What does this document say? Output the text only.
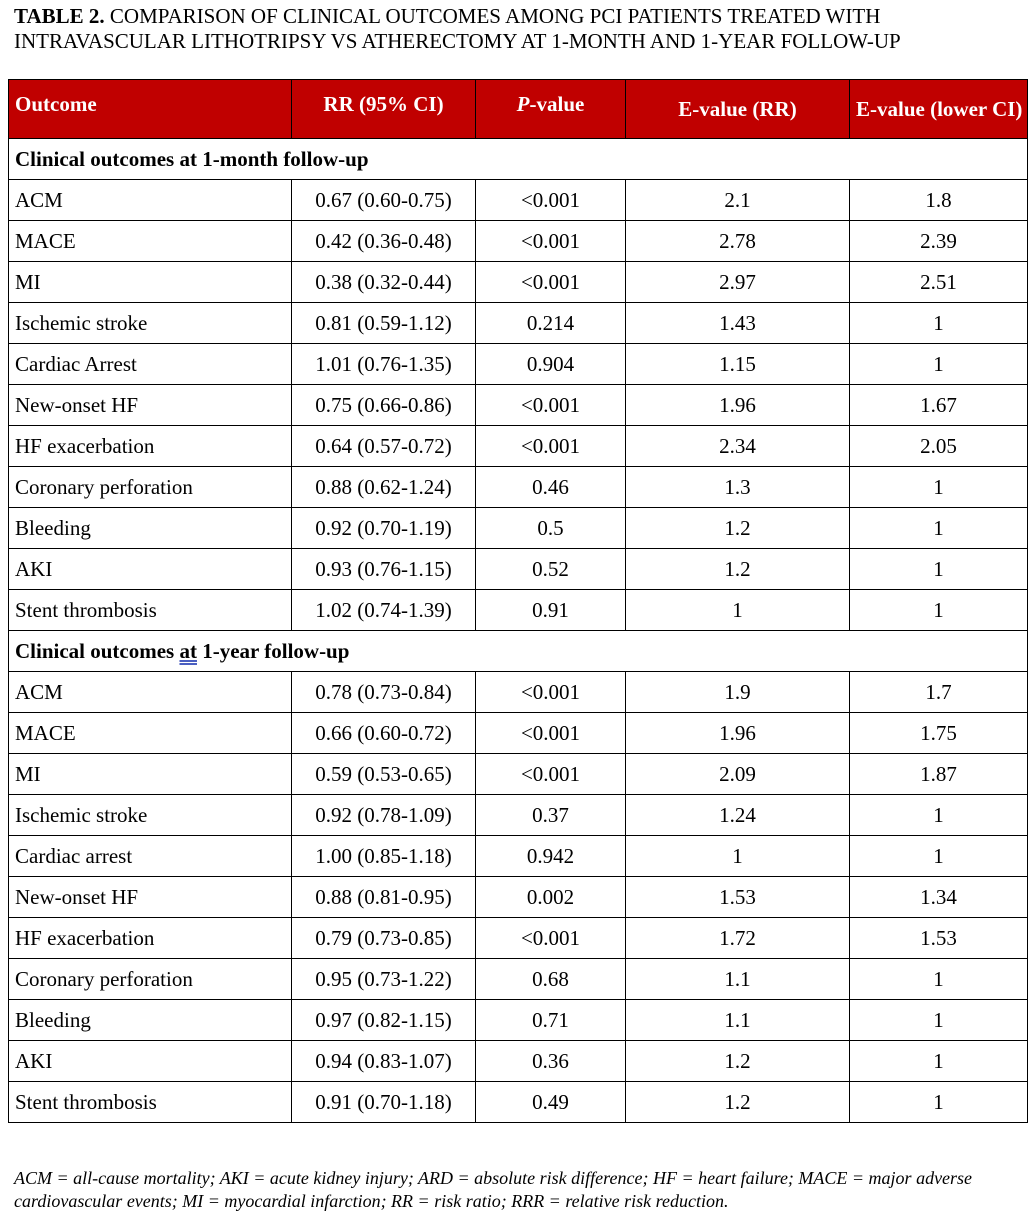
TABLE 2. COMPARISON OF CLINICAL OUTCOMES AMONG PCI PATIENTS TREATED WITH INTRAVASCULAR LITHOTRIPSY VS ATHERECTOMY AT 1-MONTH AND 1-YEAR FOLLOW-UP

Outcome	RR (95% CI)	P-value	E-value (RR)	E-value (lower CI)
Clinical outcomes at 1-month follow-up				
ACM	0.67 (0.60-0.75)	<0.001	2.1	1.8
MACE	0.42 (0.36-0.48)	<0.001	2.78	2.39
MI	0.38 (0.32-0.44)	<0.001	2.97	2.51
Ischemic stroke	0.81 (0.59-1.12)	0.214	1.43	1
Cardiac Arrest	1.01 (0.76-1.35)	0.904	1.15	1
New-onset HF	0.75 (0.66-0.86)	<0.001	1.96	1.67
HF exacerbation	0.64 (0.57-0.72)	<0.001	2.34	2.05
Coronary perforation	0.88 (0.62-1.24)	0.46	1.3	1
Bleeding	0.92 (0.70-1.19)	0.5	1.2	1
AKI	0.93 (0.76-1.15)	0.52	1.2	1
Stent thrombosis	1.02 (0.74-1.39)	0.91	1	1
Clinical outcomes at 1-year follow-up				
ACM	0.78 (0.73-0.84)	<0.001	1.9	1.7
MACE	0.66 (0.60-0.72)	<0.001	1.96	1.75
MI	0.59 (0.53-0.65)	<0.001	2.09	1.87
Ischemic stroke	0.92 (0.78-1.09)	0.37	1.24	1
Cardiac arrest	1.00 (0.85-1.18)	0.942	1	1
New-onset HF	0.88 (0.81-0.95)	0.002	1.53	1.34
HF exacerbation	0.79 (0.73-0.85)	<0.001	1.72	1.53
Coronary perforation	0.95 (0.73-1.22)	0.68	1.1	1
Bleeding	0.97 (0.82-1.15)	0.71	1.1	1
AKI	0.94 (0.83-1.07)	0.36	1.2	1
Stent thrombosis	0.91 (0.70-1.18)	0.49	1.2	1

ACM = all-cause mortality; AKI = acute kidney injury; ARD = absolute risk difference; HF = heart failure; MACE = major adverse cardiovascular events; MI = myocardial infarction; RR = risk ratio; RRR = relative risk reduction.
